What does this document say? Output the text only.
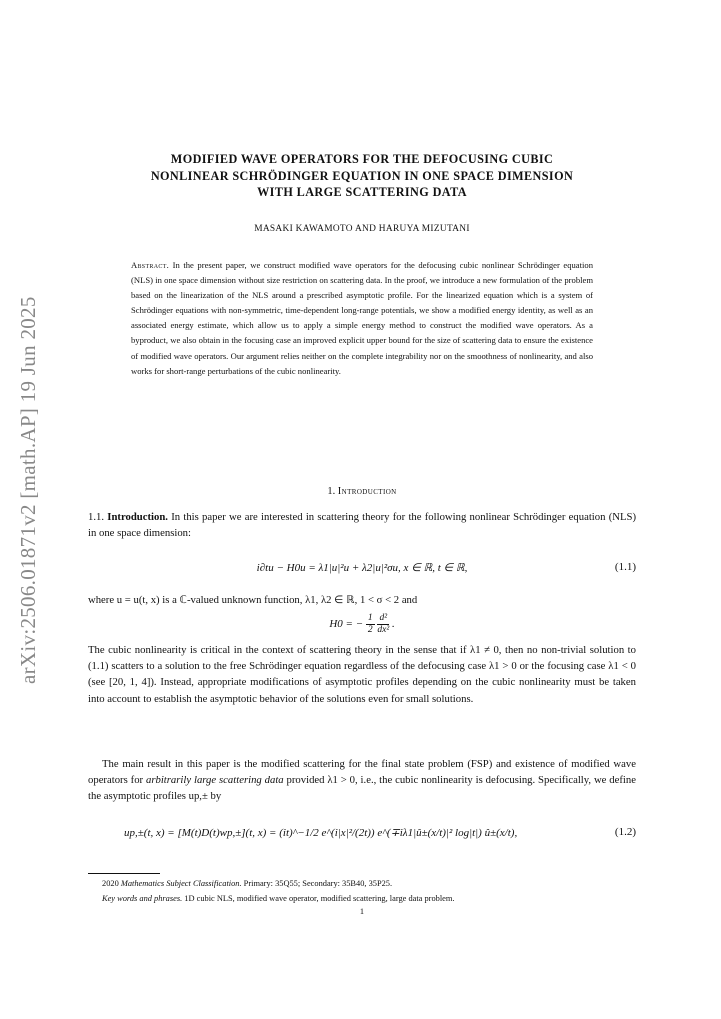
arXiv:2506.01871v2 [math.AP] 19 Jun 2025
MODIFIED WAVE OPERATORS FOR THE DEFOCUSING CUBIC
NONLINEAR SCHRÖDINGER EQUATION IN ONE SPACE DIMENSION
WITH LARGE SCATTERING DATA
MASAKI KAWAMOTO AND HARUYA MIZUTANI
Abstract. In the present paper, we construct modified wave operators for the defocusing cubic nonlinear Schrödinger equation (NLS) in one space dimension without size restriction on scattering data. In the proof, we introduce a new formulation of the problem based on the linearization of the NLS around a prescribed asymptotic profile. For the linearized equation which is a system of Schrödinger equations with non-symmetric, time-dependent long-range potentials, we show a modified energy identity, as well as an associated energy estimate, which allow us to apply a simple energy method to construct the modified wave operators. As a byproduct, we also obtain in the focusing case an improved explicit upper bound for the size of scattering data to ensure the existence of modified wave operators. Our argument relies neither on the complete integrability nor on the smoothness of nonlinearity, and also works for short-range perturbations of the cubic nonlinearity.
1. Introduction
1.1. Introduction. In this paper we are interested in scattering theory for the following nonlinear Schrödinger equation (NLS) in one space dimension:
i∂tu − H0u = λ1|u|²u + λ2|u|²σu, x ∈ ℝ, t ∈ ℝ,	(1.1)
where u = u(t, x) is a ℂ-valued unknown function, λ1, λ2 ∈ ℝ, 1 < σ < 2 and
H0 = − $\frac{1}{2}$
$\frac{\text{d²}}{\text{dx²}}$ .
The cubic nonlinearity is critical in the context of scattering theory in the sense that if λ1 ≠ 0, then no non-trivial solution to (1.1) scatters to a solution to the free Schrödinger equation regardless of the defocusing case λ1 > 0 or the focusing case λ1 < 0 (see [20, 1, 4]). Instead, appropriate modifications of asymptotic profiles depending on the cubic nonlinearity must be taken into account to establish the asymptotic behavior of the solutions even for small solutions.
The main result in this paper is the modified scattering for the final state problem (FSP) and existence of modified wave operators for arbitrarily large scattering data provided λ1 > 0, i.e., the cubic nonlinearity is defocusing. Specifically, we define the asymptotic profiles up,± by
up,±(t, x) = [M(t)D(t)wp,±](t, x) = (it)^−1/2 e^(i|x|²/(2t)) e^(∓iλ1|û±(x/t)|² log|t|) û±(x/t),	(1.2)
2020 Mathematics Subject Classification. Primary: 35Q55; Secondary: 35B40, 35P25.
Key words and phrases. 1D cubic NLS, modified wave operator, modified scattering, large data problem.
1
